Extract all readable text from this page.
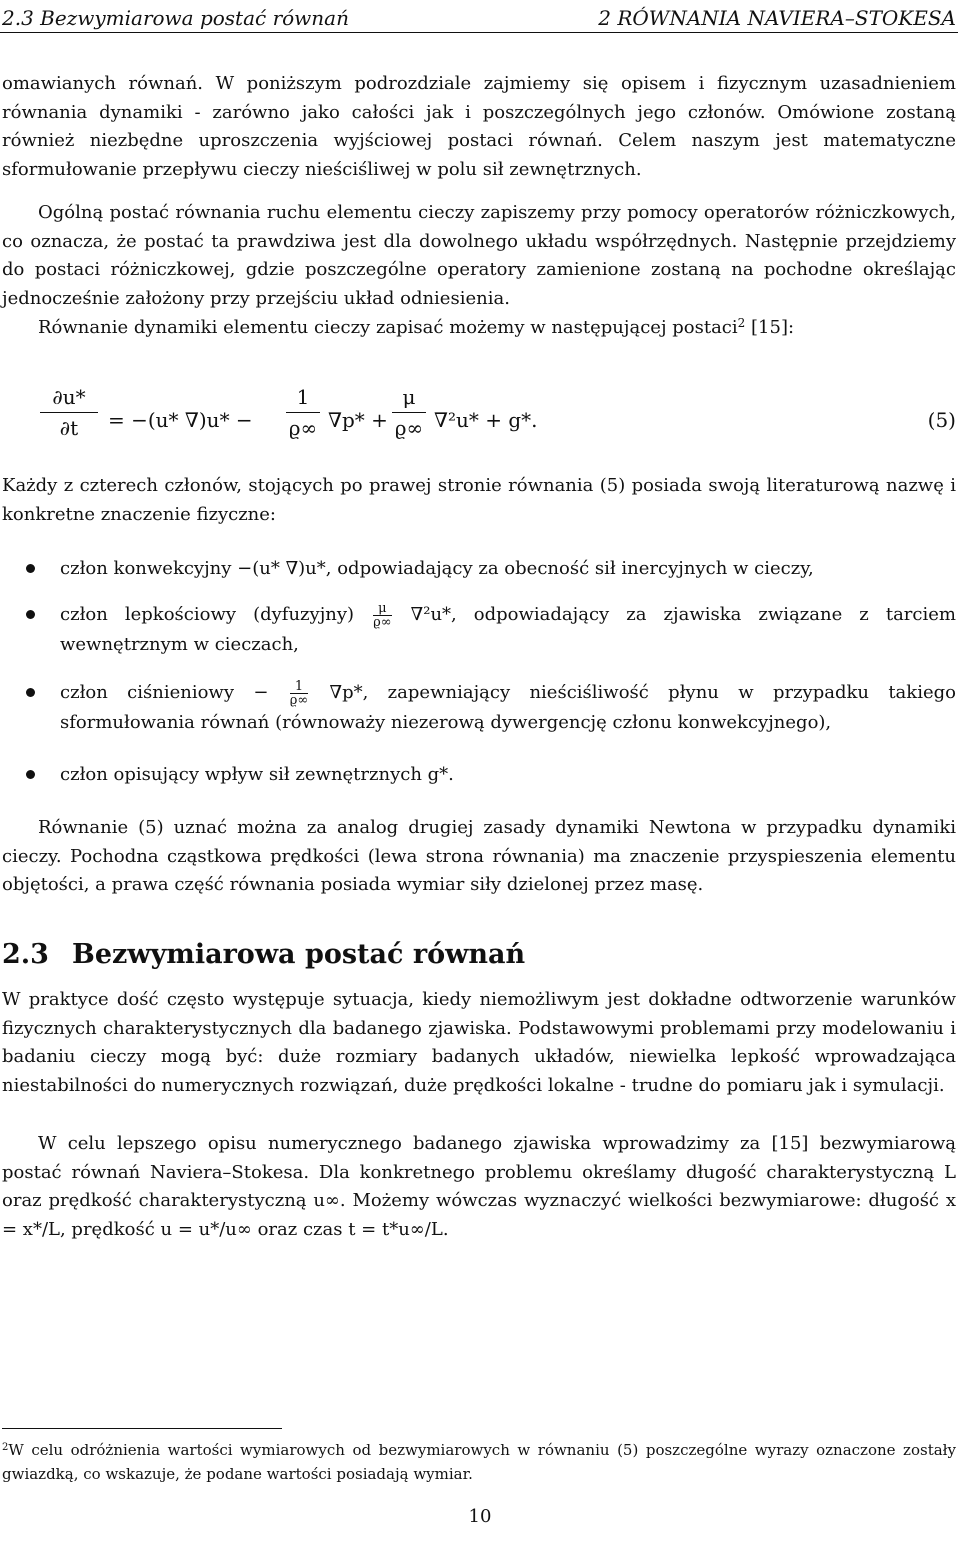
2.3 Bezwymiarowa postać równań	2 RÓWNANIA NAVIERA–STOKESA

omawianych równań. W poniższym podrozdziale zajmiemy się opisem i fizycznym uzasadnieniem równania dynamiki - zarówno jako całości jak i poszczególnych jego członów. Omówione zostaną również niezbędne uproszczenia wyjściowej postaci równań. Celem naszym jest matematyczne sformułowanie przepływu cieczy nieściśliwej w polu sił zewnętrznych.

Ogólną postać równania ruchu elementu cieczy zapiszemy przy pomocy operatorów różniczkowych, co oznacza, że postać ta prawdziwa jest dla dowolnego układu współrzędnych. Następnie przejdziemy do postaci różniczkowej, gdzie poszczególne operatory zamienione zostaną na pochodne określając jednocześnie założony przy przejściu układ odniesienia.

Równanie dynamiki elementu cieczy zapisać możemy w następującej postaci$^2$ [15]:

∂u*
∂t	= −(u* ∇)u* −
1
ϱ∞ ∇p* +
μ
ϱ∞ ∇²u* + g*.	(5)

Każdy z czterech członów, stojących po prawej stronie równania (5) posiada swoją literaturową nazwę i konkretne znaczenie fizyczne:

człon konwekcyjny −(u* ∇)u*, odpowiadający za obecność sił inercyjnych w cieczy,
człon lepkościowy (dyfuzyjny) $\frac{\mu}{ϱ\infty} \nabla^2u*$, odpowiadający za zjawiska związane z tarciem wewnętrznym w cieczach,
człon ciśnieniowy − $\frac{1}{ϱ\infty} \nabla p*$, zapewniający nieściśliwość płynu w przypadku takiego sformułowania równań (równoważy niezerową dywergencję członu konwekcyjnego),
człon opisujący wpływ sił zewnętrznych g*.

Równanie (5) uznać można za analog drugiej zasady dynamiki Newtona w przypadku dynamiki cieczy. Pochodna cząstkowa prędkości (lewa strona równania) ma znaczenie przyspieszenia elementu objętości, a prawa część równania posiada wymiar siły dzielonej przez masę.

2.3 Bezwymiarowa postać równań

W praktyce dość często występuje sytuacja, kiedy niemożliwym jest dokładne odtworzenie warunków fizycznych charakterystycznych dla badanego zjawiska. Podstawowymi problemami przy modelowaniu i badaniu cieczy mogą być: duże rozmiary badanych układów, niewielka lepkość wprowadzająca niestabilności do numerycznych rozwiązań, duże prędkości lokalne - trudne do pomiaru jak i symulacji.

W celu lepszego opisu numerycznego badanego zjawiska wprowadzimy za [15] bezwymiarową postać równań Naviera–Stokesa. Dla konkretnego problemu określamy długość charakterystyczną L oraz prędkość charakterystyczną u∞. Możemy wówczas wyznaczyć wielkości bezwymiarowe: długość x = x*/L, prędkość u = u*/u∞ oraz czas t = t*u∞/L.

$^2$W celu odróżnienia wartości wymiarowych od bezwymiarowych w równaniu (5) poszczególne wyrazy oznaczone zostały gwiazdką, co wskazuje, że podane wartości posiadają wymiar.

10
